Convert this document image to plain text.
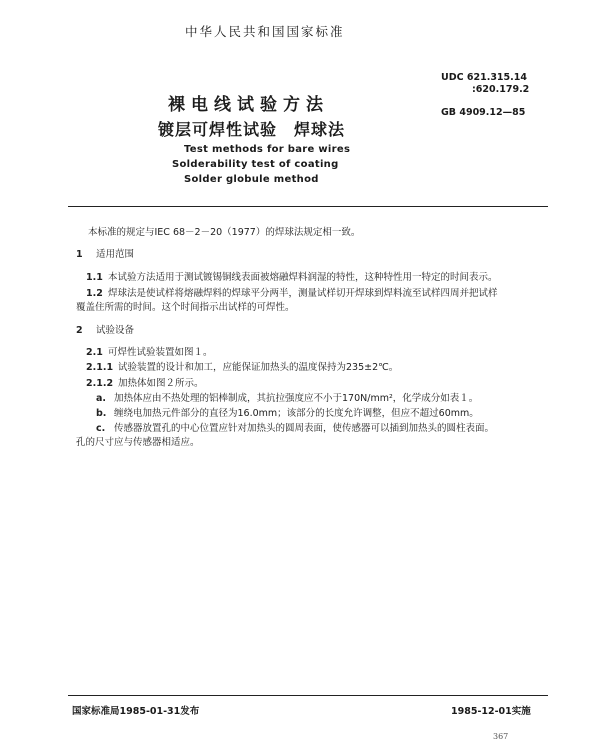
中华人民共和国国家标准
裸电线试验方法
镀层可焊性试验　焊球法
Test methods for bare wires
Solderability test of coating
Solder globule method
UDC 621.315.14
:620.179.2
GB 4909.12—85
本标准的规定与IEC 68－2－20（1977）的焊球法规定相一致。
1 适用范围
1.1 本试验方法适用于测试镀锡铜线表面被熔融焊料润湿的特性，这种特性用一特定的时间表示。
1.2 焊球法是使试样将熔融焊料的焊球平分两半，测量试样切开焊球到焊料流至试样四周并把试样
覆盖住所需的时间。这个时间指示出试样的可焊性。
2 试验设备
2.1 可焊性试验装置如图１。
2.1.1 试验装置的设计和加工，应能保证加热头的温度保持为235±2℃。
2.1.2 加热体如图２所示。
a. 加热体应由不热处理的铝棒制成，其抗拉强度应不小于170N/mm²，化学成分如表１。
b. 缠绕电加热元件部分的直径为16.0mm；该部分的长度允许调整，但应不超过60mm。
c. 传感器放置孔的中心位置应针对加热头的圆周表面，使传感器可以插到加热头的圆柱表面。
孔的尺寸应与传感器相适应。
国家标准局1985-01-31发布	1985-12-01实施
367
